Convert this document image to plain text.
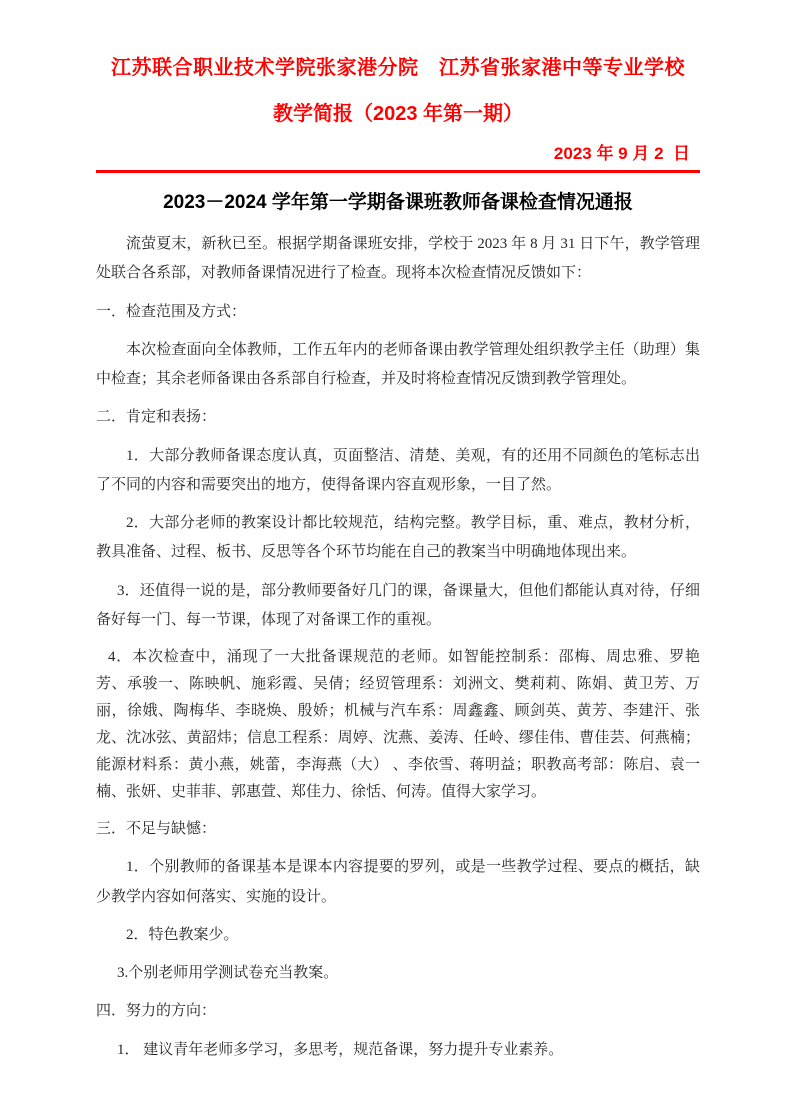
江苏联合职业技术学院张家港分院　江苏省张家港中等专业学校
教学简报（2023 年第一期）
2023 年 9 月 2  日
2023－2024 学年第一学期备课班教师备课检查情况通报

流萤夏末，新秋已至。根据学期备课班安排，学校于 2023 年 8 月 31 日下午，教学管理处联合各系部，对教师备课情况进行了检查。现将本次检查情况反馈如下：

一．检查范围及方式：

本次检查面向全体教师，工作五年内的老师备课由教学管理处组织教学主任（助理）集中检查；其余老师备课由各系部自行检查，并及时将检查情况反馈到教学管理处。

二．肯定和表扬：

1．大部分教师备课态度认真，页面整洁、清楚、美观，有的还用不同颜色的笔标志出了不同的内容和需要突出的地方，使得备课内容直观形象，一目了然。

2．大部分老师的教案设计都比较规范，结构完整。教学目标，重、难点，教材分析，教具准备、过程、板书、反思等各个环节均能在自己的教案当中明确地体现出来。

3．还值得一说的是，部分教师要备好几门的课，备课量大，但他们都能认真对待，仔细备好每一门、每一节课，体现了对备课工作的重视。

4．本次检查中，涌现了一大批备课规范的老师。如智能控制系：邵梅、周忠雅、罗艳芳、承骏一、陈映帆、施彩霞、吴倩；经贸管理系：刘洲文、樊莉莉、陈娟、黄卫芳、万丽，徐娥、陶梅华、李晓焕、殷娇；机械与汽车系：周鑫鑫、顾剑英、黄芳、李建汗、张龙、沈冰弦、黄韶炜；信息工程系：周婷、沈燕、姜涛、任岭、缪佳伟、曹佳芸、何燕楠；能源材料系：黄小燕，姚蕾，李海燕（大） 、李依雪、蒋明益；职教高考部：陈启、袁一楠、张妍、史菲菲、郭惠萱、郑佳力、徐恬、何涛。值得大家学习。

三．不足与缺憾：

1．个别教师的备课基本是课本内容提要的罗列，或是一些教学过程、要点的概括，缺少教学内容如何落实、实施的设计。

2．特色教案少。

3.个别老师用学测试卷充当教案。

四．努力的方向：

1． 建议青年老师多学习，多思考，规范备课，努力提升专业素养。
